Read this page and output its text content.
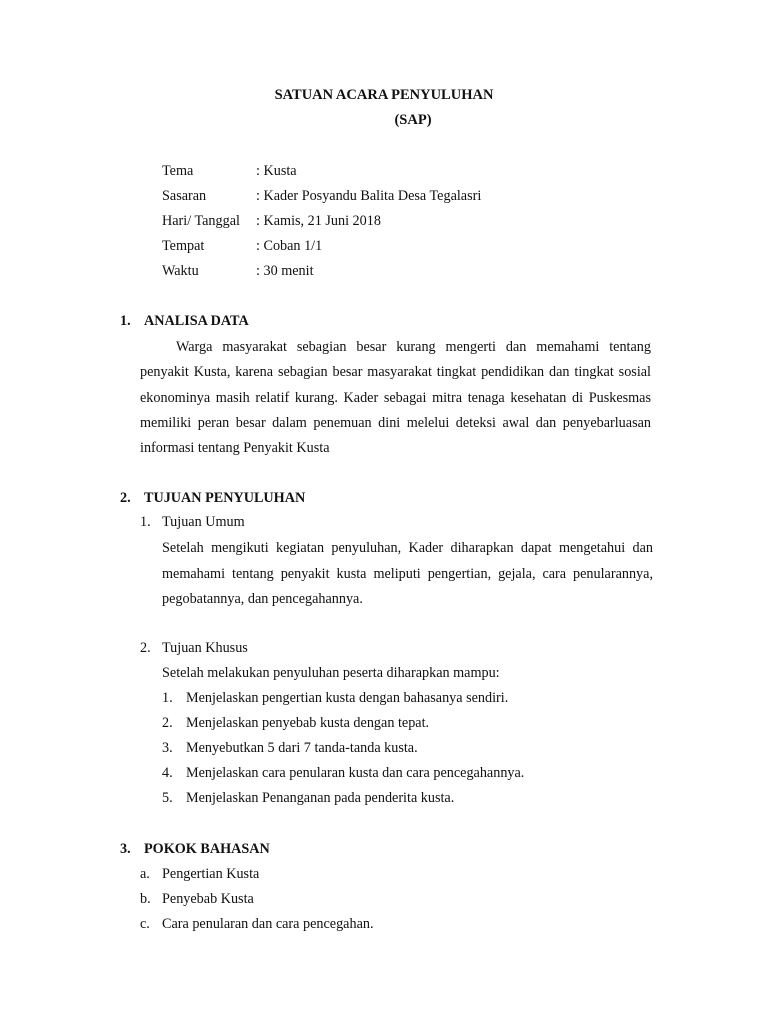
SATUAN ACARA PENYULUHAN
(SAP)
Tema	: Kusta
Sasaran	: Kader Posyandu Balita Desa Tegalasri
Hari/ Tanggal : Kamis, 21 Juni 2018
Tempat	: Coban 1/1
Waktu	: 30 menit
1. ANALISA DATA
Warga masyarakat sebagian besar kurang mengerti dan memahami tentang penyakit Kusta, karena sebagian besar masyarakat tingkat pendidikan dan tingkat sosial ekonominya masih relatif kurang. Kader sebagai mitra tenaga kesehatan di Puskesmas memiliki peran besar dalam penemuan dini melelui deteksi awal dan penyebarluasan informasi tentang Penyakit Kusta
2. TUJUAN PENYULUHAN
1. Tujuan Umum
Setelah mengikuti kegiatan penyuluhan, Kader diharapkan dapat mengetahui dan memahami tentang penyakit kusta meliputi pengertian, gejala, cara penularannya, pegobatannya, dan pencegahannya.
2. Tujuan Khusus
Setelah melakukan penyuluhan peserta diharapkan mampu:
1. Menjelaskan pengertian kusta dengan bahasanya sendiri.
2. Menjelaskan penyebab kusta dengan tepat.
3. Menyebutkan 5 dari 7 tanda-tanda kusta.
4. Menjelaskan cara penularan kusta dan cara pencegahannya.
5. Menjelaskan Penanganan pada penderita kusta.
3. POKOK BAHASAN
a. Pengertian Kusta
b. Penyebab Kusta
c. Cara penularan dan cara pencegahan.
